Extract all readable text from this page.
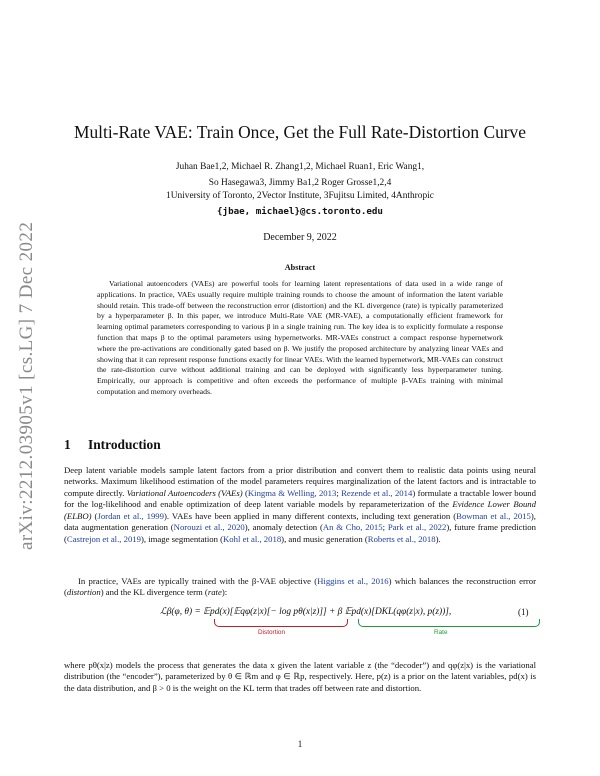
arXiv:2212.03905v1 [cs.LG] 7 Dec 2022
Multi-Rate VAE: Train Once, Get the Full Rate-Distortion Curve
Juhan Bae1,2, Michael R. Zhang1,2, Michael Ruan1, Eric Wang1,
So Hasegawa3, Jimmy Ba1,2 Roger Grosse1,2,4
1University of Toronto, 2Vector Institute, 3Fujitsu Limited, 4Anthropic
{jbae, michael}@cs.toronto.edu
December 9, 2022
Abstract
Variational autoencoders (VAEs) are powerful tools for learning latent representations of data used in a wide range of applications. In practice, VAEs usually require multiple training rounds to choose the amount of information the latent variable should retain. This trade-off between the reconstruction error (distortion) and the KL divergence (rate) is typically parameterized by a hyperparameter β. In this paper, we introduce Multi-Rate VAE (MR-VAE), a computationally efficient framework for learning optimal parameters corresponding to various β in a single training run. The key idea is to explicitly formulate a response function that maps β to the optimal parameters using hypernetworks. MR-VAEs construct a compact response hypernetwork where the pre-activations are conditionally gated based on β. We justify the proposed architecture by analyzing linear VAEs and showing that it can represent response functions exactly for linear VAEs. With the learned hypernetwork, MR-VAEs can construct the rate-distortion curve without additional training and can be deployed with significantly less hyperparameter tuning. Empirically, our approach is competitive and often exceeds the performance of multiple β-VAEs training with minimal computation and memory overheads.
1 Introduction
Deep latent variable models sample latent factors from a prior distribution and convert them to realistic data points using neural networks. Maximum likelihood estimation of the model parameters requires marginalization of the latent factors and is intractable to compute directly. Variational Autoencoders (VAEs) (Kingma & Welling, 2013; Rezende et al., 2014) formulate a tractable lower bound for the log-likelihood and enable optimization of deep latent variable models by reparameterization of the Evidence Lower Bound (ELBO) (Jordan et al., 1999). VAEs have been applied in many different contexts, including text generation (Bowman et al., 2015), data augmentation generation (Norouzi et al., 2020), anomaly detection (An & Cho, 2015; Park et al., 2022), future frame prediction (Castrejon et al., 2019), image segmentation (Kohl et al., 2018), and music generation (Roberts et al., 2018).
In practice, VAEs are typically trained with the β-VAE objective (Higgins et al., 2016) which balances the reconstruction error (distortion) and the KL divergence term (rate):
ℒβ(φ, θ) = 𝔼pd(x)[𝔼qφ(z|x)[− log pθ(x|z)]] + β 𝔼pd(x)[DKL(qφ(z|x), p(z))],
Distortion	Rate
(1)
where pθ(x|z) models the process that generates the data x given the latent variable z (the “decoder”) and qφ(z|x) is the variational distribution (the “encoder”), parameterized by θ ∈ ℝm and φ ∈ ℝp, respectively. Here, p(z) is a prior on the latent variables, pd(x) is the data distribution, and β > 0 is the weight on the KL term that trades off between rate and distortion.
1
